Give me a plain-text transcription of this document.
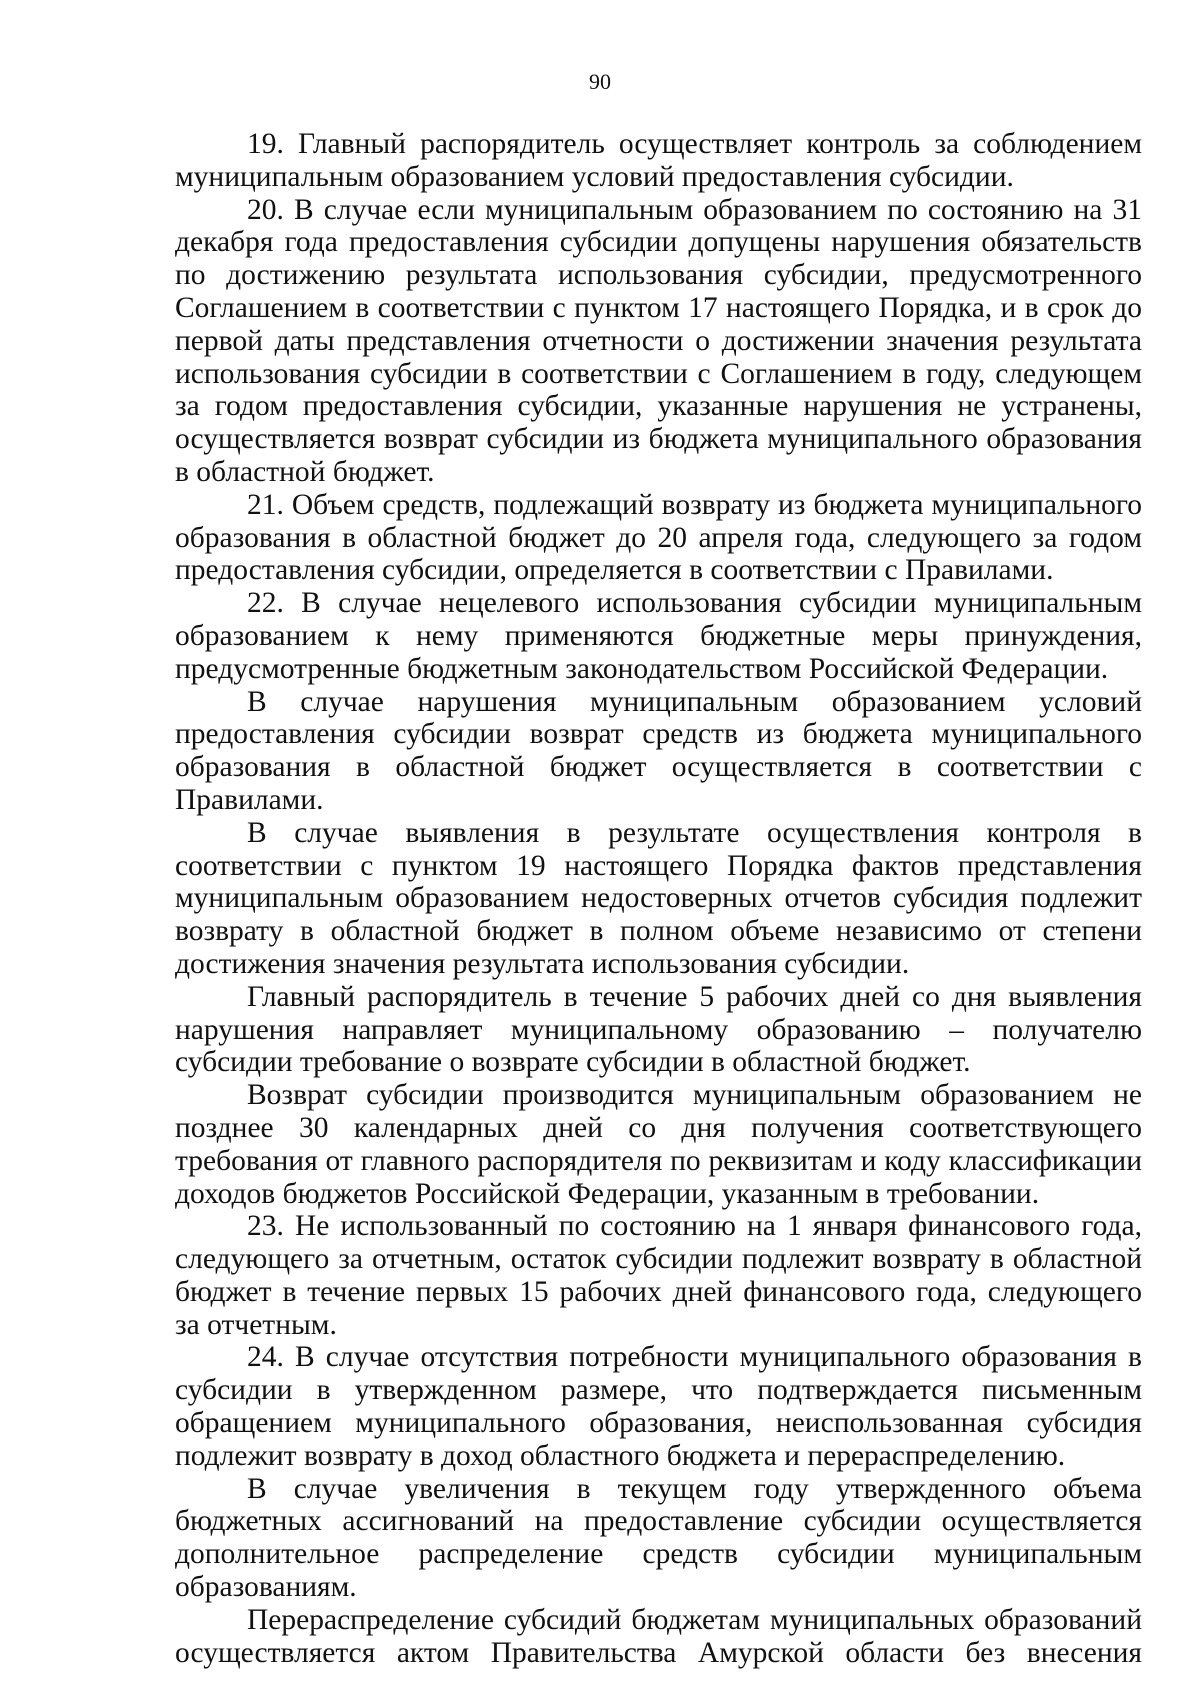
90

19. Главный распорядитель осуществляет контроль за соблюдением муниципальным образованием условий предоставления субсидии.

20. В случае если муниципальным образованием по состоянию на 31 декабря года предоставления субсидии допущены нарушения обязательств по достижению результата использования субсидии, предусмотренного Соглашением в соответствии с пунктом 17 настоящего Порядка, и в срок до первой даты представления отчетности о достижении значения результата использования субсидии в соответствии с Соглашением в году, следующем за годом предоставления субсидии, указанные нарушения не устранены, осуществляется возврат субсидии из бюджета муниципального образования в областной бюджет.

21. Объем средств, подлежащий возврату из бюджета муниципального образования в областной бюджет до 20 апреля года, следующего за годом предоставления субсидии, определяется в соответствии с Правилами.

22. В случае нецелевого использования субсидии муниципальным образованием к нему применяются бюджетные меры принуждения, предусмотренные бюджетным законодательством Российской Федерации.

В случае нарушения муниципальным образованием условий предоставления субсидии возврат средств из бюджета муниципального образования в областной бюджет осуществляется в соответствии с Правилами.

В случае выявления в результате осуществления контроля в соответствии с пунктом 19 настоящего Порядка фактов представления муниципальным образованием недостоверных отчетов субсидия подлежит возврату в областной бюджет в полном объеме независимо от степени достижения значения результата использования субсидии.

Главный распорядитель в течение 5 рабочих дней со дня выявления нарушения направляет муниципальному образованию – получателю субсидии требование о возврате субсидии в областной бюджет.

Возврат субсидии производится муниципальным образованием не позднее 30 календарных дней со дня получения соответствующего требования от главного распорядителя по реквизитам и коду классификации доходов бюджетов Российской Федерации, указанным в требовании.

23. Не использованный по состоянию на 1 января финансового года, следующего за отчетным, остаток субсидии подлежит возврату в областной бюджет в течение первых 15 рабочих дней финансового года, следующего за отчетным.

24. В случае отсутствия потребности муниципального образования в субсидии в утвержденном размере, что подтверждается письменным обращением муниципального образования, неиспользованная субсидия подлежит возврату в доход областного бюджета и перераспределению.

В случае увеличения в текущем году утвержденного объема бюджетных ассигнований на предоставление субсидии осуществляется дополнительное распределение средств субсидии муниципальным образованиям.

Перераспределение субсидий бюджетам муниципальных образований осуществляется актом Правительства Амурской области без внесения
